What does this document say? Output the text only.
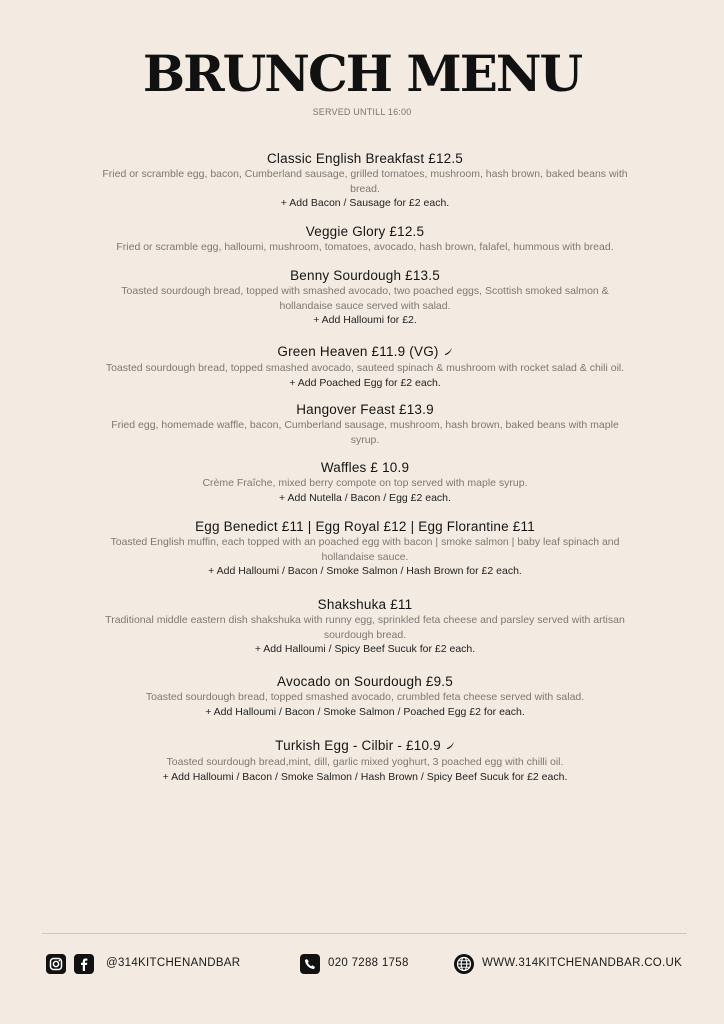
BRUNCH MENU
SERVED UNTILL 16:00
Classic English Breakfast £12.5
Fried or scramble egg, bacon, Cumberland sausage, grilled tomatoes, mushroom, hash brown, baked beans with
bread.
+ Add Bacon / Sausage for £2 each.
Veggie Glory £12.5
Fried or scramble egg, halloumi, mushroom, tomatoes, avocado, hash brown, falafel, hummous with bread.
Benny Sourdough £13.5
Toasted sourdough bread, topped with smashed avocado, two poached eggs, Scottish smoked salmon &
hollandaise sauce served with salad.
+ Add Halloumi for £2.
Green Heaven £11.9 (VG)
Toasted sourdough bread, topped smashed avocado, sauteed spinach & mushroom with rocket salad & chili oil.
+ Add Poached Egg for £2 each.
Hangover Feast £13.9
Fried egg, homemade waffle, bacon, Cumberland sausage, mushroom, hash brown, baked beans with maple
syrup.
Waffles £ 10.9
Crème Fraîche, mixed berry compote on top served with maple syrup.
+ Add Nutella / Bacon / Egg £2 each.
Egg Benedict £11 | Egg Royal £12 | Egg Florantine £11
Toasted English muffin, each topped with an poached egg with bacon | smoke salmon | baby leaf spinach and
hollandaise sauce.
+ Add Halloumi / Bacon / Smoke Salmon / Hash Brown for £2 each.
Shakshuka £11
Traditional middle eastern dish shakshuka with runny egg, sprinkled feta cheese and parsley served with artisan
sourdough bread.
+ Add Halloumi / Spicy Beef Sucuk for £2 each.
Avocado on Sourdough £9.5
Toasted sourdough bread, topped smashed avocado, crumbled feta cheese served with salad.
+ Add Halloumi / Bacon / Smoke Salmon / Poached Egg £2 for each.
Turkish Egg - Cilbir - £10.9
Toasted sourdough bread,mint, dill, garlic mixed yoghurt, 3 poached egg with chilli oil.
+ Add Halloumi / Bacon / Smoke Salmon / Hash Brown / Spicy Beef Sucuk for £2 each.
@314KITCHENANDBAR	020 7288 1758	WWW.314KITCHENANDBAR.CO.UK
